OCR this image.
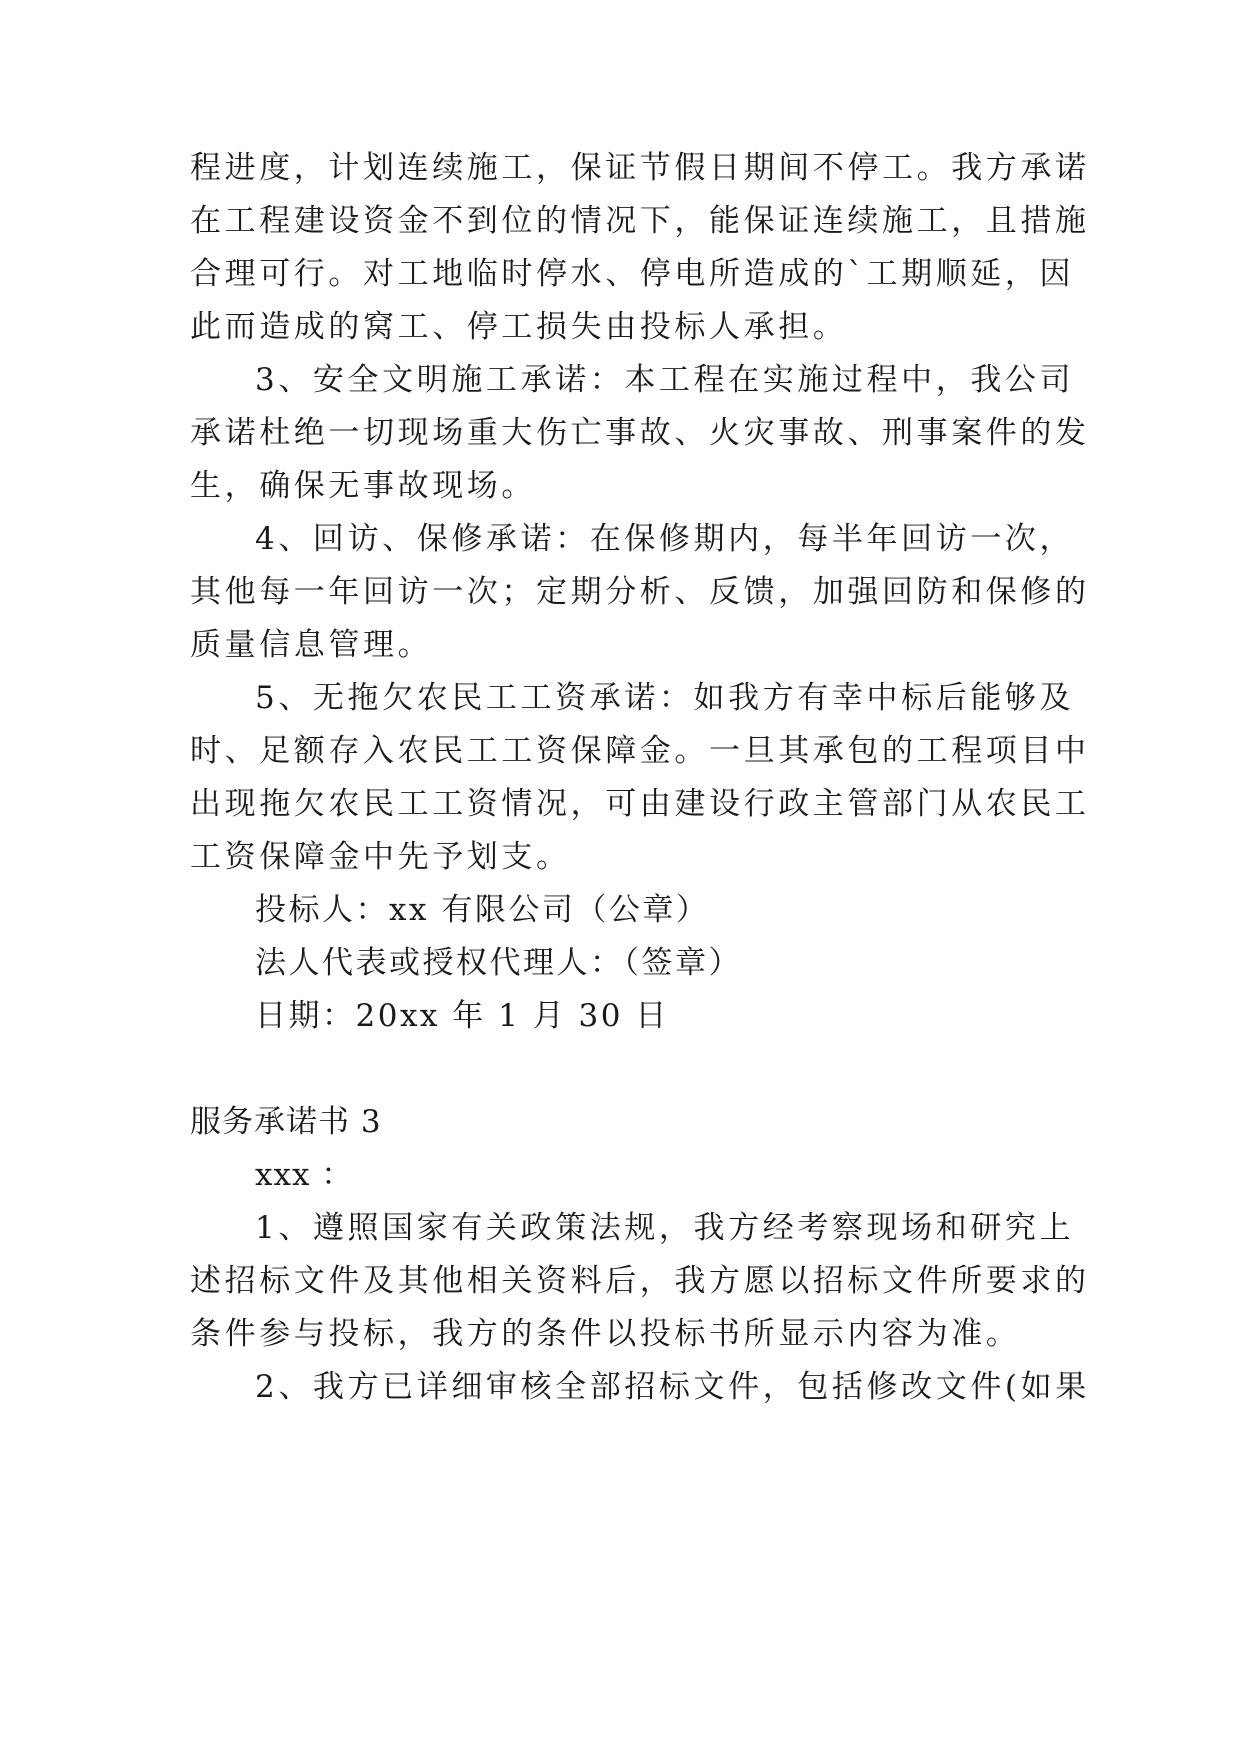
程进度，计划连续施工，保证节假日期间不停工。我方承诺
在工程建设资金不到位的情况下，能保证连续施工，且措施
合理可行。对工地临时停水、停电所造成的`工期顺延，因
此而造成的窝工、停工损失由投标人承担。
3、安全文明施工承诺：本工程在实施过程中，我公司
承诺杜绝一切现场重大伤亡事故、火灾事故、刑事案件的发
生，确保无事故现场。
4、回访、保修承诺：在保修期内，每半年回访一次，
其他每一年回访一次；定期分析、反馈，加强回防和保修的
质量信息管理。
5、无拖欠农民工工资承诺：如我方有幸中标后能够及
时、足额存入农民工工资保障金。一旦其承包的工程项目中
出现拖欠农民工工资情况，可由建设行政主管部门从农民工
工资保障金中先予划支。
投标人：xx 有限公司（公章）
法人代表或授权代理人：（签章）
日期：20xx 年 1 月 30 日
服务承诺书 3
xxx ：
1、遵照国家有关政策法规，我方经考察现场和研究上
述招标文件及其他相关资料后，我方愿以招标文件所要求的
条件参与投标，我方的条件以投标书所显示内容为准。
2、我方已详细审核全部招标文件，包括修改文件(如果
